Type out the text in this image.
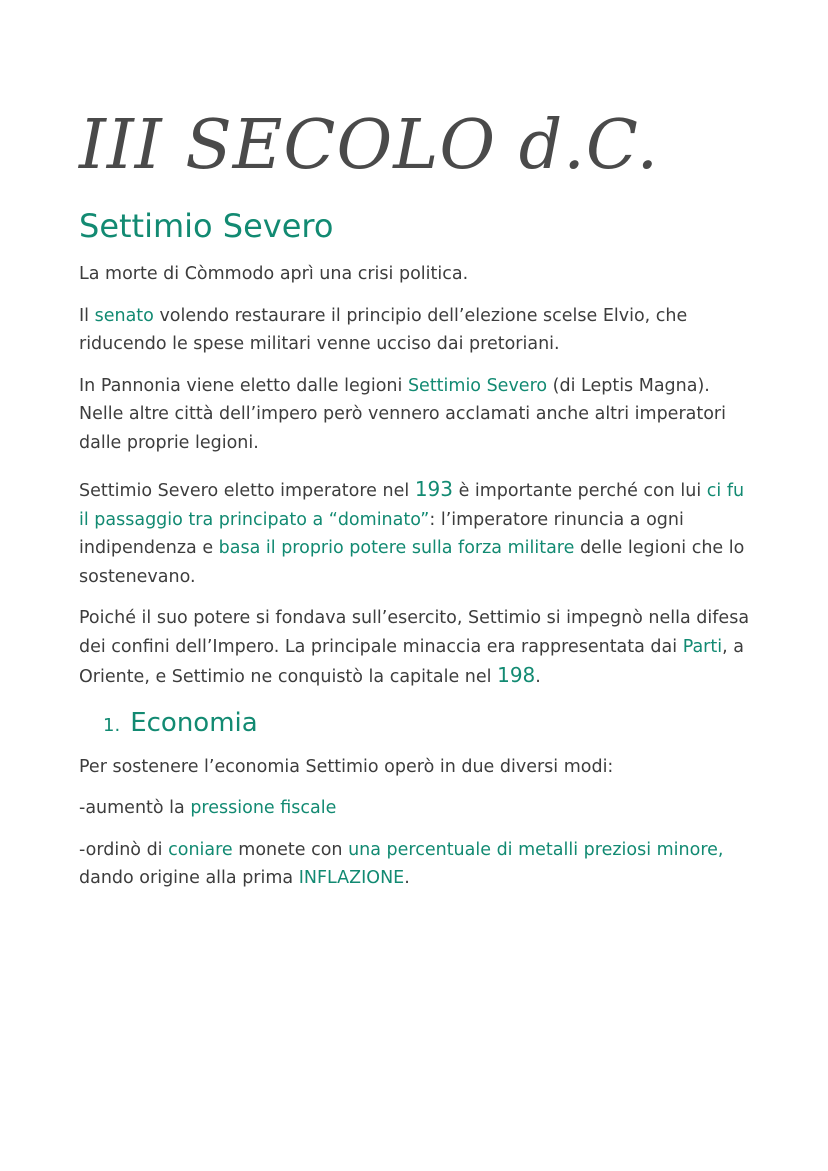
III SECOLO d.C.
Settimio Severo

La morte di Còmmodo aprì una crisi politica.

Il senato volendo restaurare il principio dell’elezione scelse Elvio, che riducendo le spese militari venne ucciso dai pretoriani.

In Pannonia viene eletto dalle legioni Settimio Severo (di Leptis Magna). Nelle altre città dell’impero però vennero acclamati anche altri imperatori dalle proprie legioni.

Settimio Severo eletto imperatore nel 193 è importante perché con lui ci fu il passaggio tra principato a “dominato”: l’imperatore rinuncia a ogni indipendenza e basa il proprio potere sulla forza militare delle legioni che lo sostenevano.

Poiché il suo potere si fondava sull’esercito, Settimio si impegnò nella difesa dei confini dell’Impero. La principale minaccia era rappresentata dai Parti, a Oriente, e Settimio ne conquistò la capitale nel 198.

1. Economia

Per sostenere l’economia Settimio operò in due diversi modi:

-aumentò la pressione fiscale

-ordinò di coniare monete con una percentuale di metalli preziosi minore, dando origine alla prima INFLAZIONE.
